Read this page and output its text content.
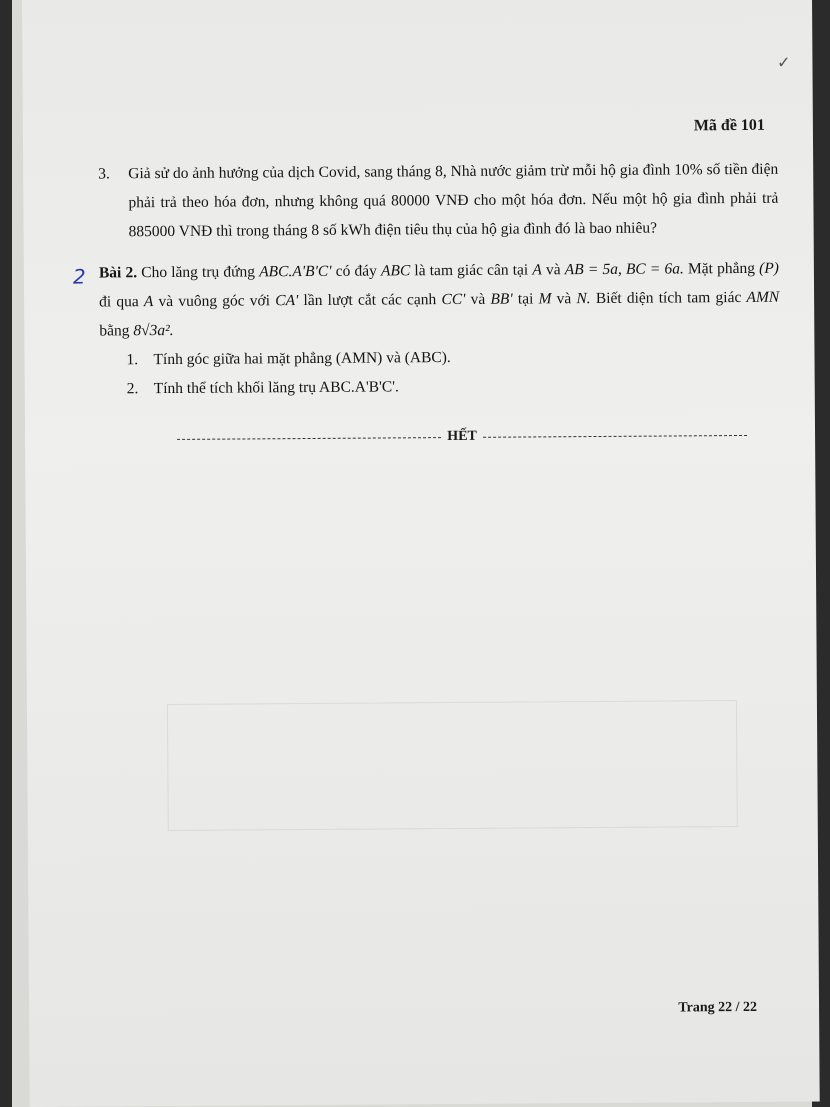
✓
Mã đề 101
3.	Giả sử do ảnh hưởng của dịch Covid, sang tháng 8, Nhà nước giảm trừ mỗi hộ gia đình 10% số tiền điện phải trả theo hóa đơn, nhưng không quá 80000 VNĐ cho một hóa đơn. Nếu một hộ gia đình phải trả 885000 VNĐ thì trong tháng 8 số kWh điện tiêu thụ của hộ gia đình đó là bao nhiêu?
2 Bài 2. Cho lăng trụ đứng ABC.A'B'C' có đáy ABC là tam giác cân tại A và AB = 5a, BC = 6a. Mặt phẳng (P) đi qua A và vuông góc với CA' lần lượt cắt các cạnh CC' và BB' tại M và N. Biết diện tích tam giác AMN bằng 8√3a².
1. Tính góc giữa hai mặt phẳng (AMN) và (ABC).
2. Tính thể tích khối lăng trụ ABC.A'B'C'.
HẾT
Trang 22 / 22
